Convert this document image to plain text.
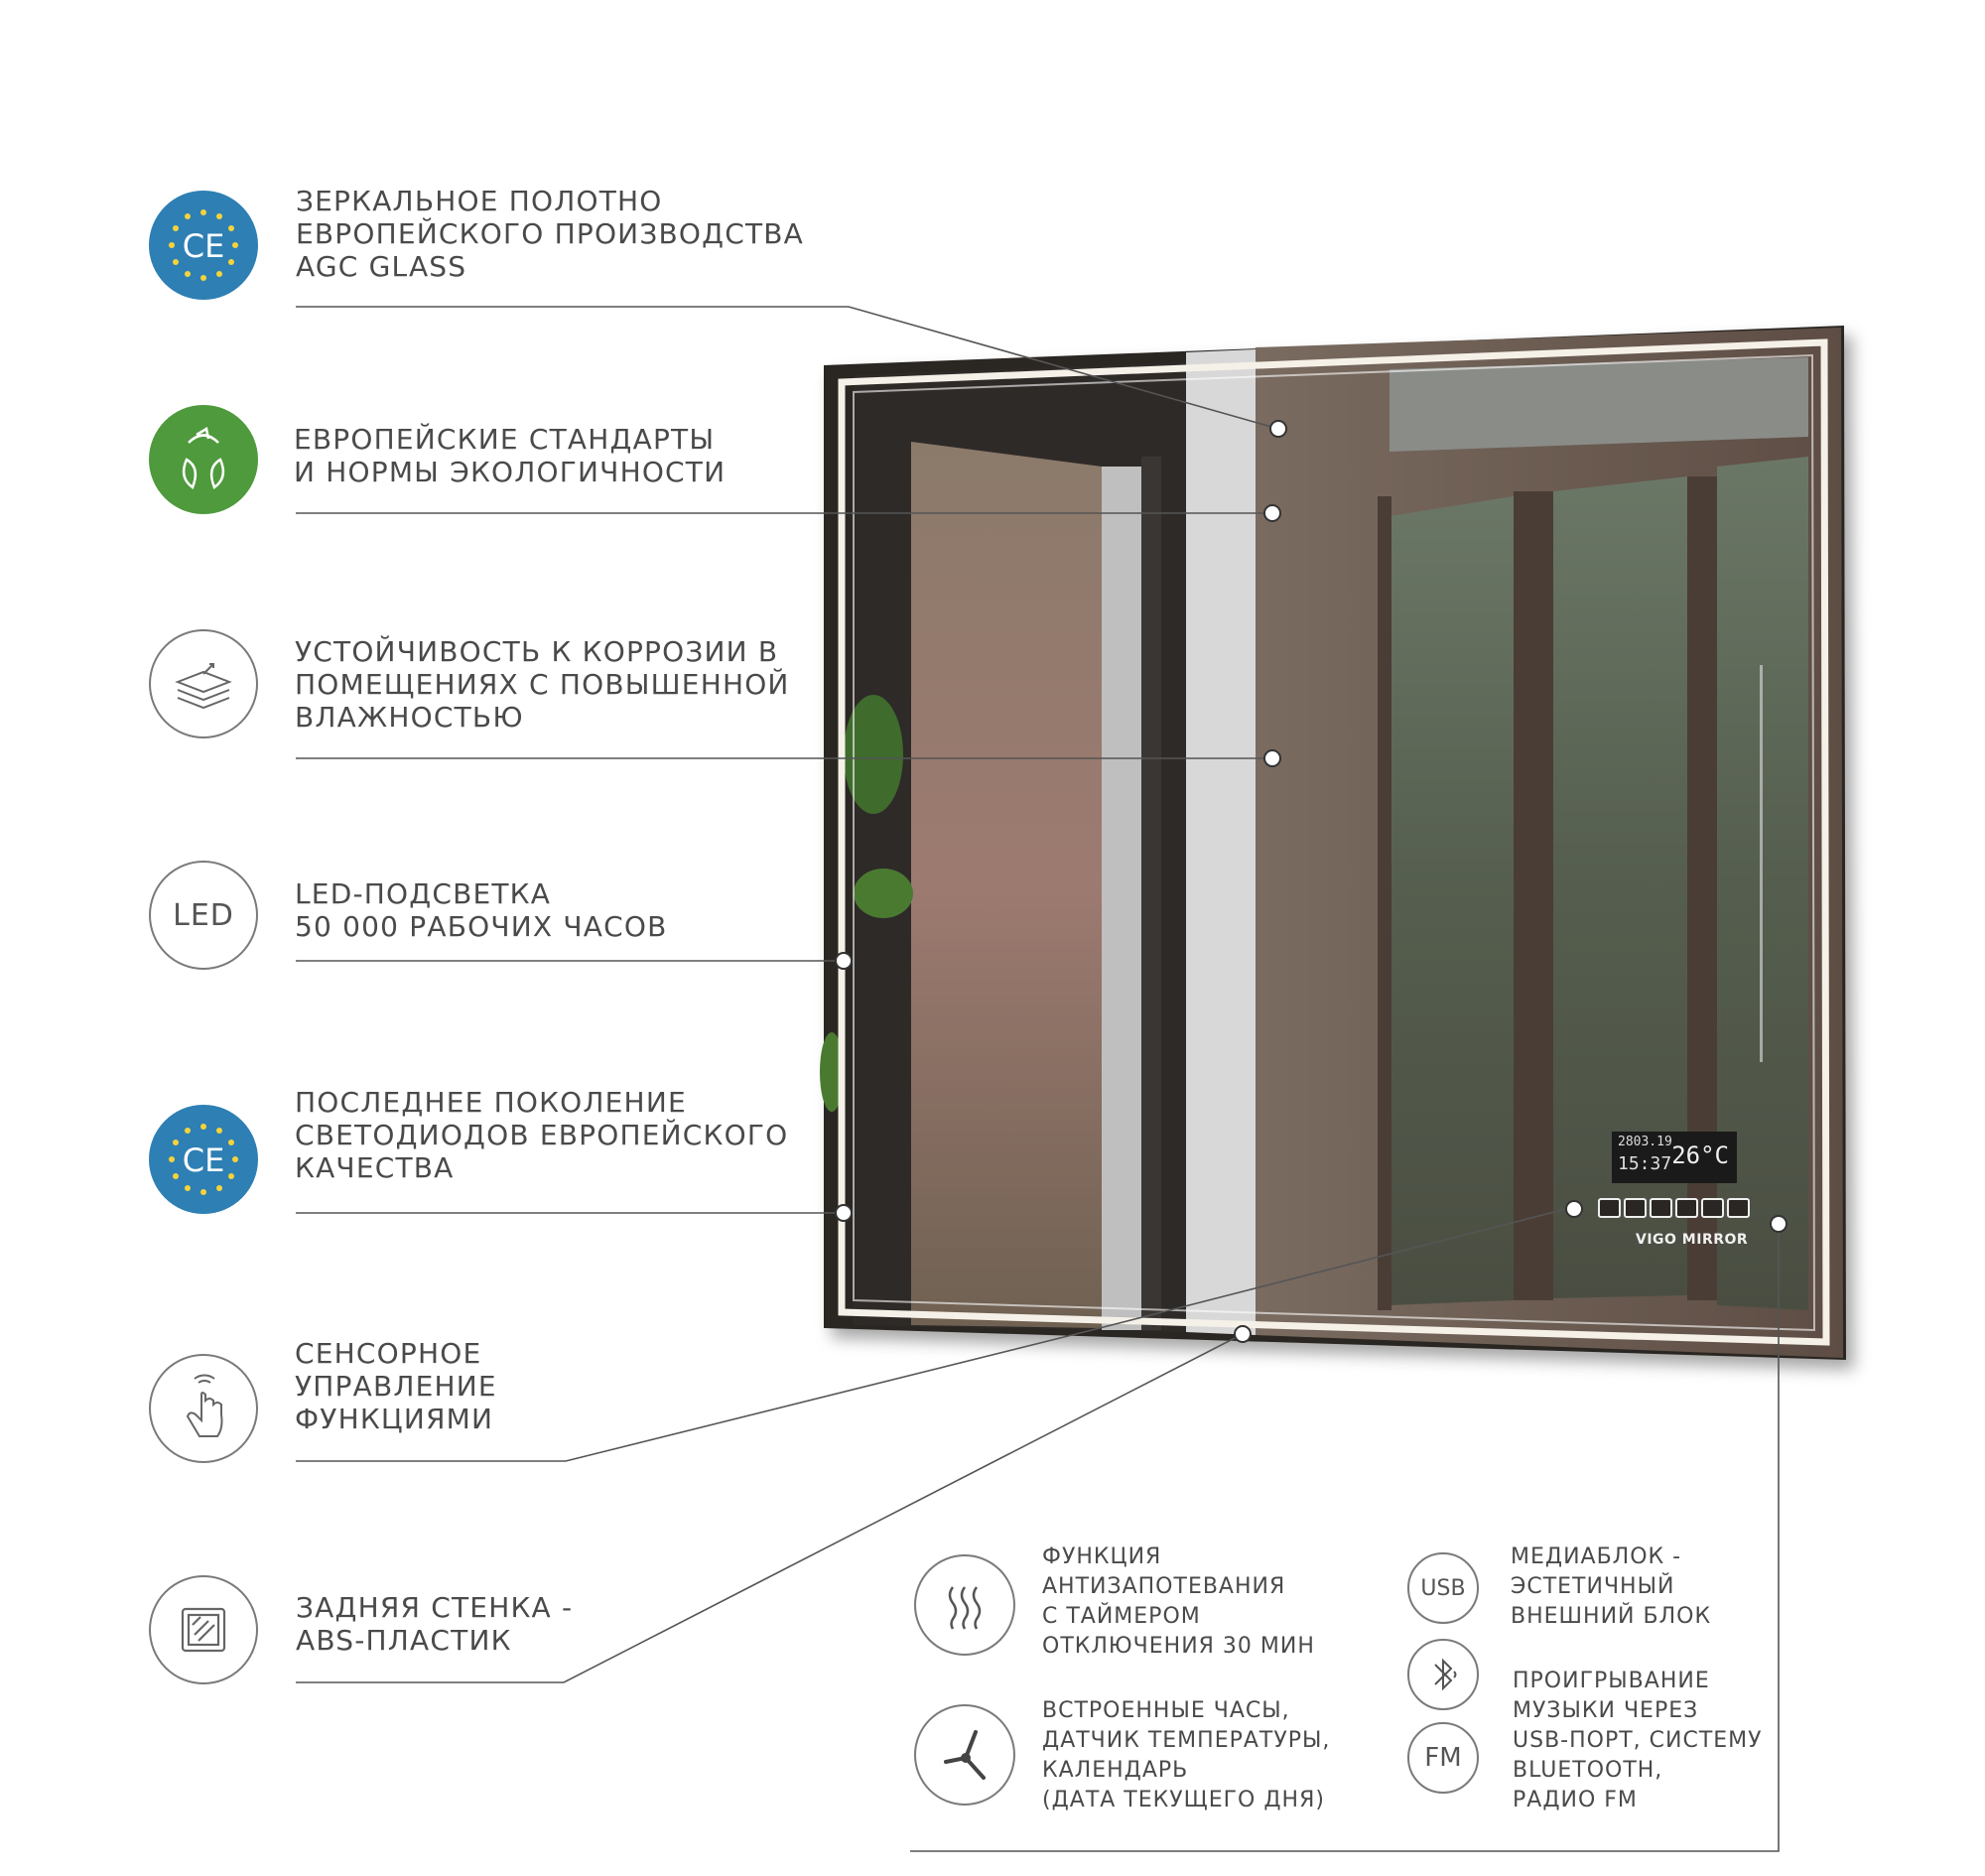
2803.19
15:37 26°C
VIGO MIRROR
CE
ЗЕРКАЛЬНОЕ ПОЛОТНО
ЕВРОПЕЙСКОГО ПРОИЗВОДСТВА
AGC GLASS
ЕВРОПЕЙСКИЕ СТАНДАРТЫ
И НОРМЫ ЭКОЛОГИЧНОСТИ
УСТОЙЧИВОСТЬ К КОРРОЗИИ В
ПОМЕЩЕНИЯХ С ПОВЫШЕННОЙ
ВЛАЖНОСТЬЮ
LED
LED-ПОДСВЕТКА
50 000 РАБОЧИХ ЧАСОВ
CE
ПОСЛЕДНЕЕ ПОКОЛЕНИЕ
СВЕТОДИОДОВ ЕВРОПЕЙСКОГО
КАЧЕСТВА
СЕНСОРНОЕ
УПРАВЛЕНИЕ
ФУНКЦИЯМИ
ЗАДНЯЯ СТЕНКА -
ABS-ПЛАСТИК
ФУНКЦИЯ
АНТИЗАПОТЕВАНИЯ
С ТАЙМЕРОМ
ОТКЛЮЧЕНИЯ 30 МИН
ВСТРОЕННЫЕ ЧАСЫ,
ДАТЧИК ТЕМПЕРАТУРЫ,
КАЛЕНДАРЬ
(ДАТА ТЕКУЩЕГО ДНЯ)
USB
МЕДИАБЛОК -
ЭСТЕТИЧНЫЙ
ВНЕШНИЙ БЛОК
FM
ПРОИГРЫВАНИЕ
МУЗЫКИ ЧЕРЕЗ
USB-ПОРТ, СИСТЕМУ
BLUETOOTH,
РАДИО FM
